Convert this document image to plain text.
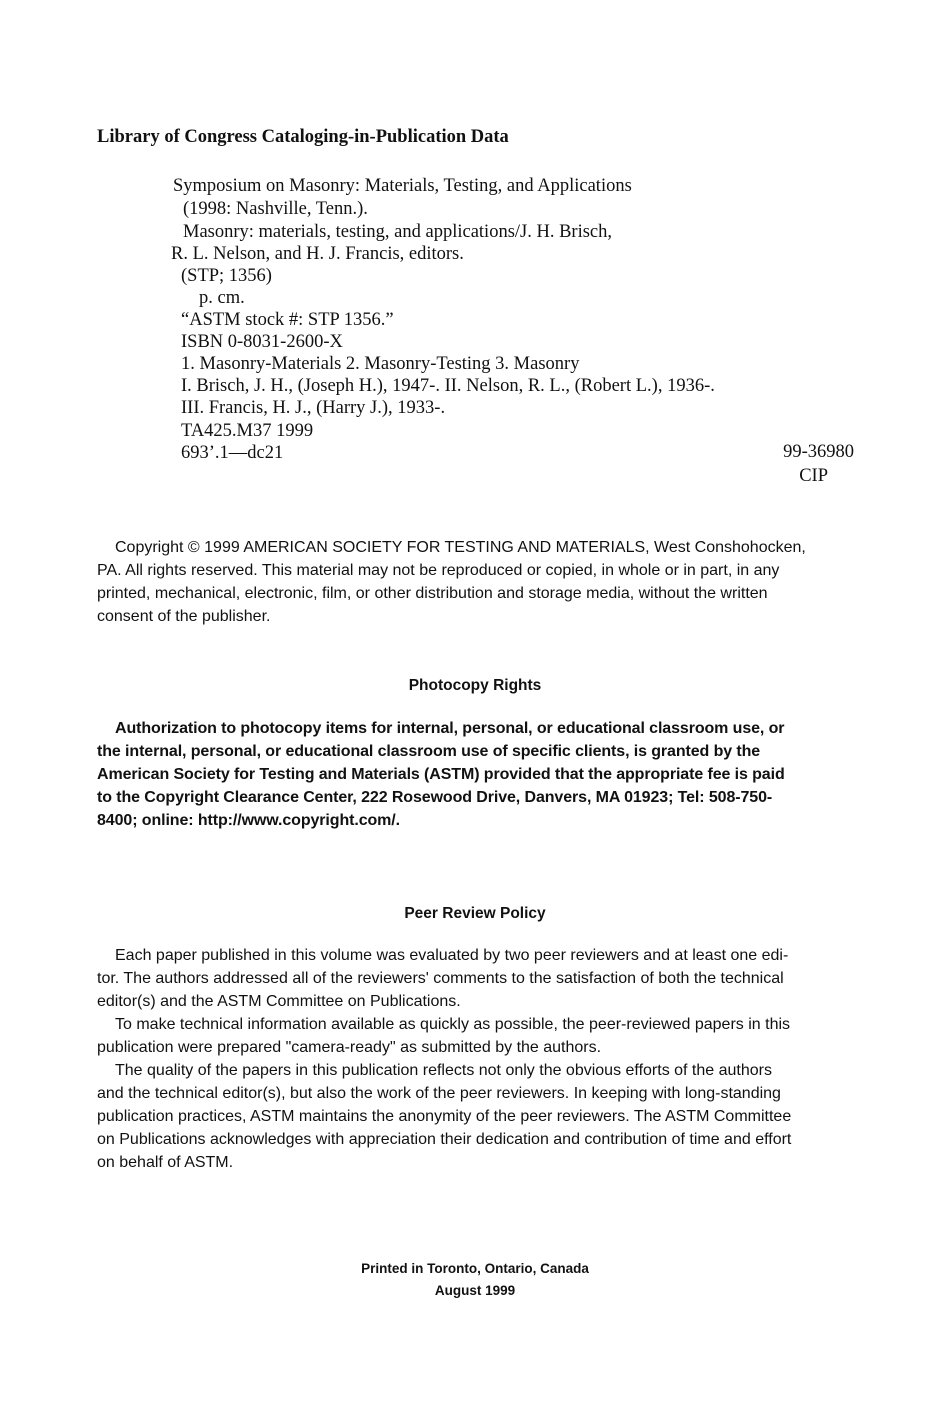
Library of Congress Cataloging-in-Publication Data
Symposium on Masonry: Materials, Testing, and Applications
(1998: Nashville, Tenn.).
Masonry: materials, testing, and applications/J. H. Brisch,
R. L. Nelson, and H. J. Francis, editors.
(STP; 1356)
p. cm.
“ASTM stock #: STP 1356.”
ISBN 0-8031-2600-X
1. Masonry-Materials 2. Masonry-Testing 3. Masonry
I. Brisch, J. H., (Joseph H.), 1947-. II. Nelson, R. L., (Robert L.), 1936-.
III. Francis, H. J., (Harry J.), 1933-.
TA425.M37 1999
693’.1—dc21	99-36980
CIP
Copyright © 1999 AMERICAN SOCIETY FOR TESTING AND MATERIALS, West Conshohocken,
PA. All rights reserved. This material may not be reproduced or copied, in whole or in part, in any
printed, mechanical, electronic, film, or other distribution and storage media, without the written
consent of the publisher.
Photocopy Rights
Authorization to photocopy items for internal, personal, or educational classroom use, or
the internal, personal, or educational classroom use of specific clients, is granted by the
American Society for Testing and Materials (ASTM) provided that the appropriate fee is paid
to the Copyright Clearance Center, 222 Rosewood Drive, Danvers, MA 01923; Tel: 508-750-
8400; online: http://www.copyright.com/.
Peer Review Policy
Each paper published in this volume was evaluated by two peer reviewers and at least one edi-
tor. The authors addressed all of the reviewers' comments to the satisfaction of both the technical
editor(s) and the ASTM Committee on Publications.
To make technical information available as quickly as possible, the peer-reviewed papers in this
publication were prepared "camera-ready" as submitted by the authors.
The quality of the papers in this publication reflects not only the obvious efforts of the authors
and the technical editor(s), but also the work of the peer reviewers. In keeping with long-standing
publication practices, ASTM maintains the anonymity of the peer reviewers. The ASTM Committee
on Publications acknowledges with appreciation their dedication and contribution of time and effort
on behalf of ASTM.
Printed in Toronto, Ontario, Canada
August 1999
